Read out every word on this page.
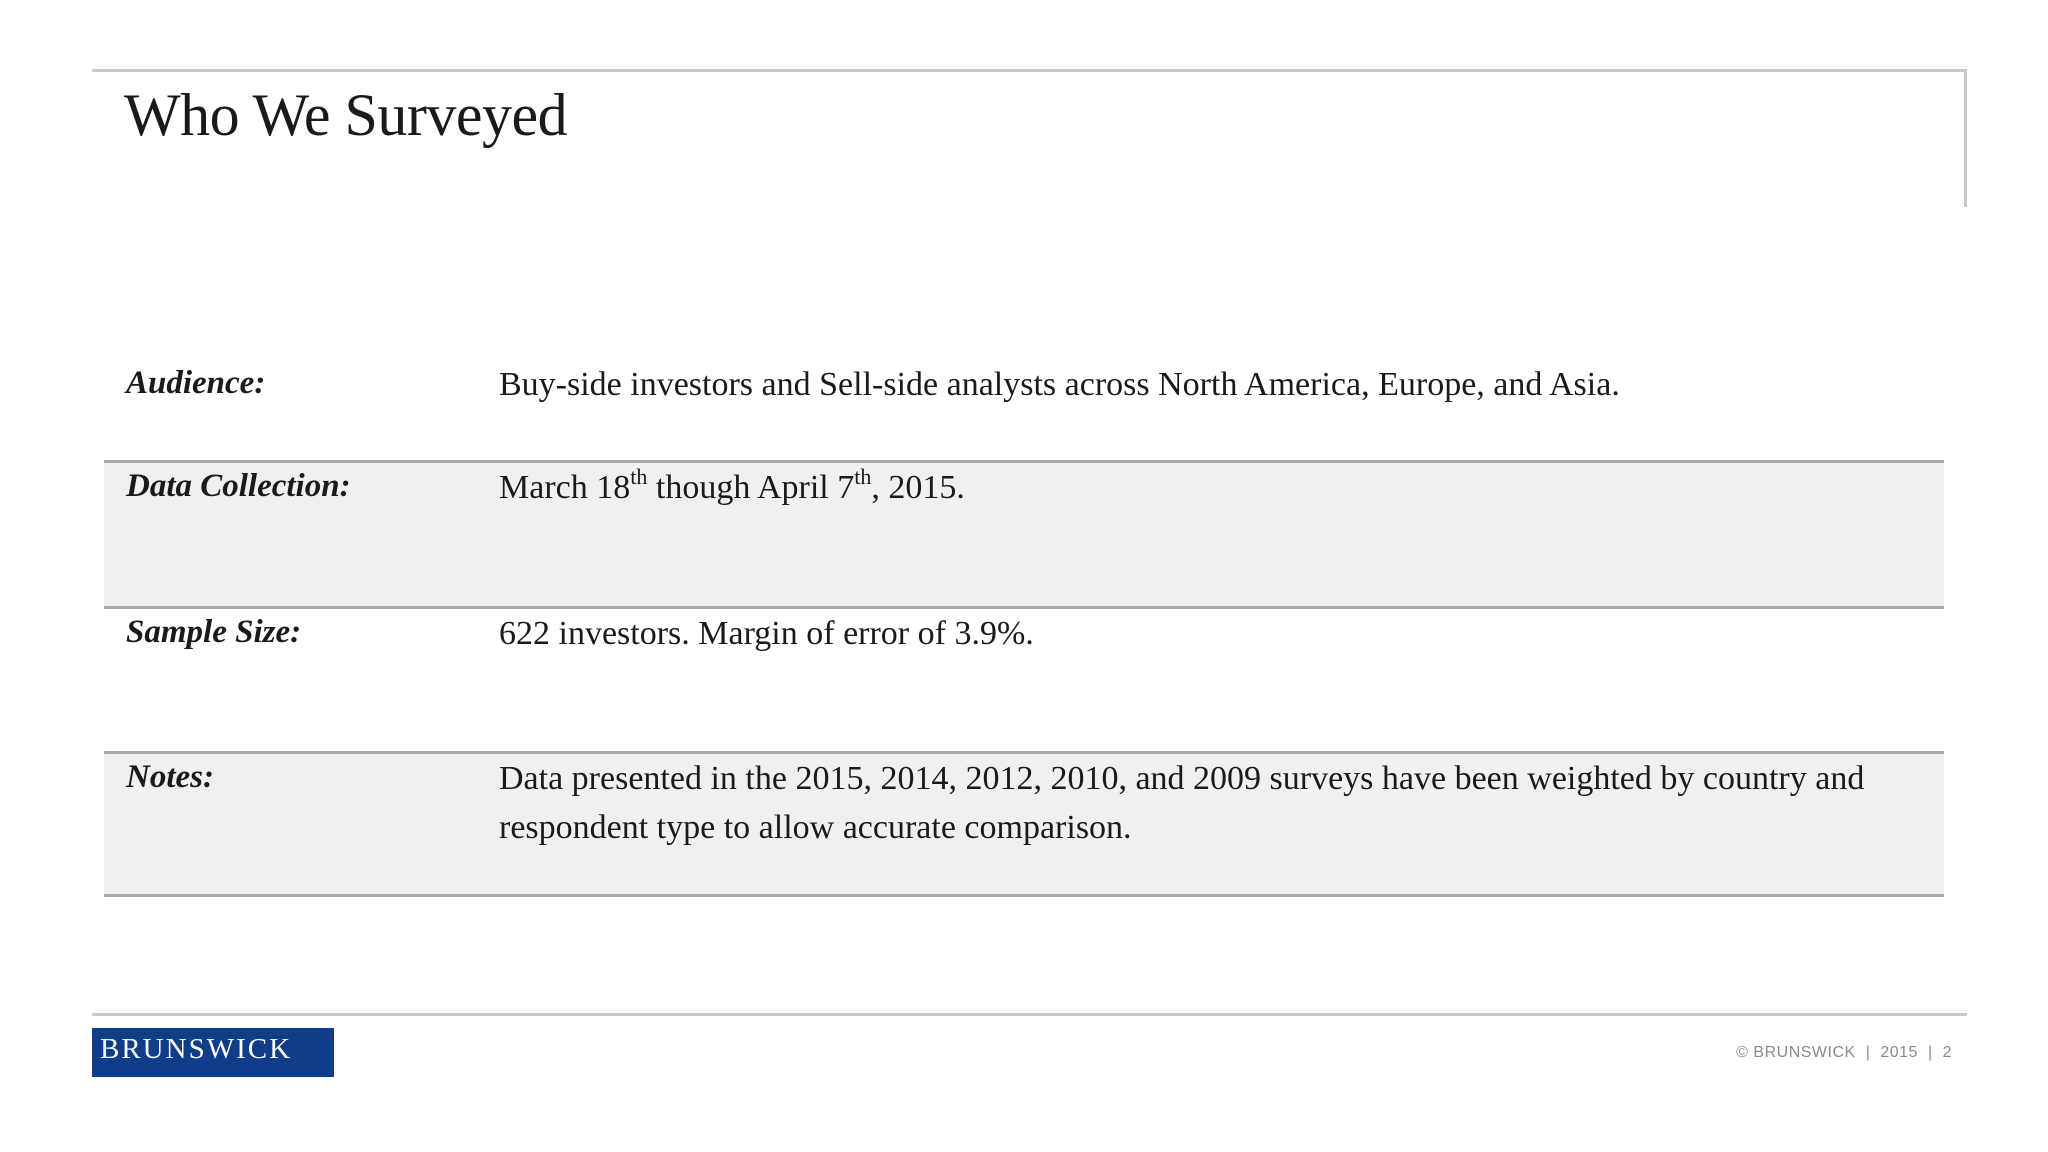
Who We Surveyed
Audience:	Buy-side investors and Sell-side analysts across North America, Europe, and Asia.
Data Collection:	March 18th though April 7th, 2015.
Sample Size:	622 investors. Margin of error of 3.9%.
Notes:	Data presented in the 2015, 2014, 2012, 2010, and 2009 surveys have been weighted by country and respondent type to allow accurate comparison.
BRUNSWICK	© BRUNSWICK | 2015 | 2
